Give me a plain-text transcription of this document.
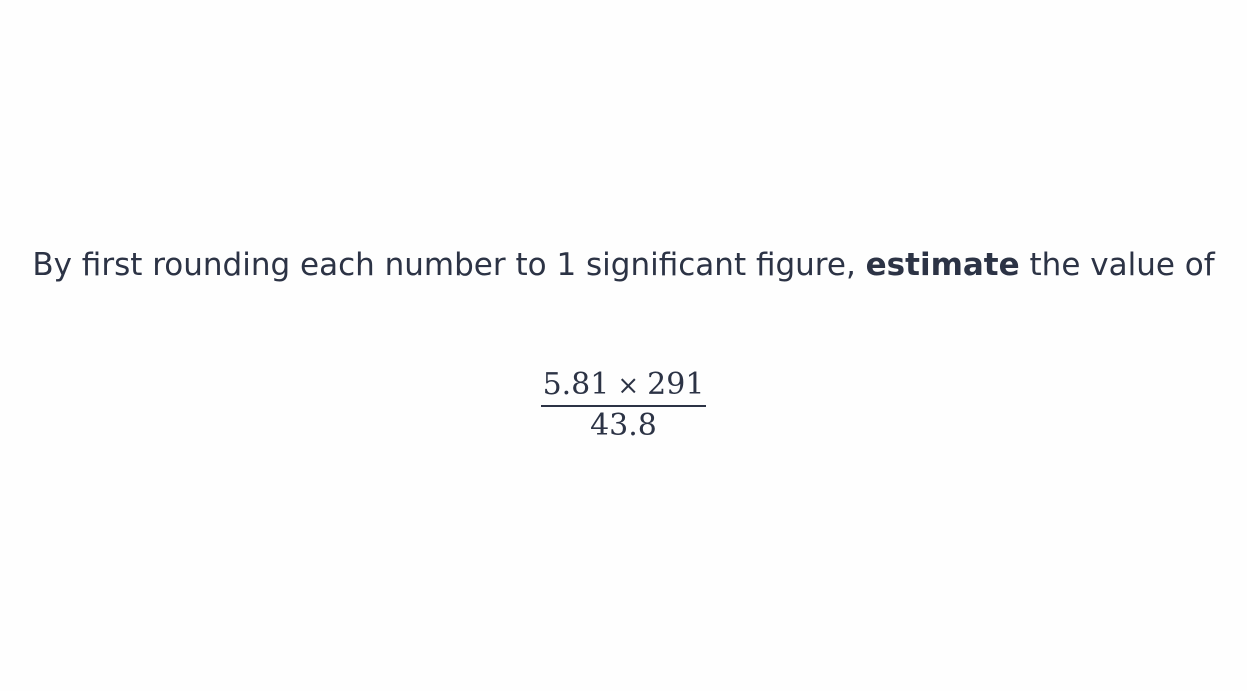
By first rounding each number to 1 significant figure, estimate the value of
$\frac{5.81 \times 291}{43.8}$
